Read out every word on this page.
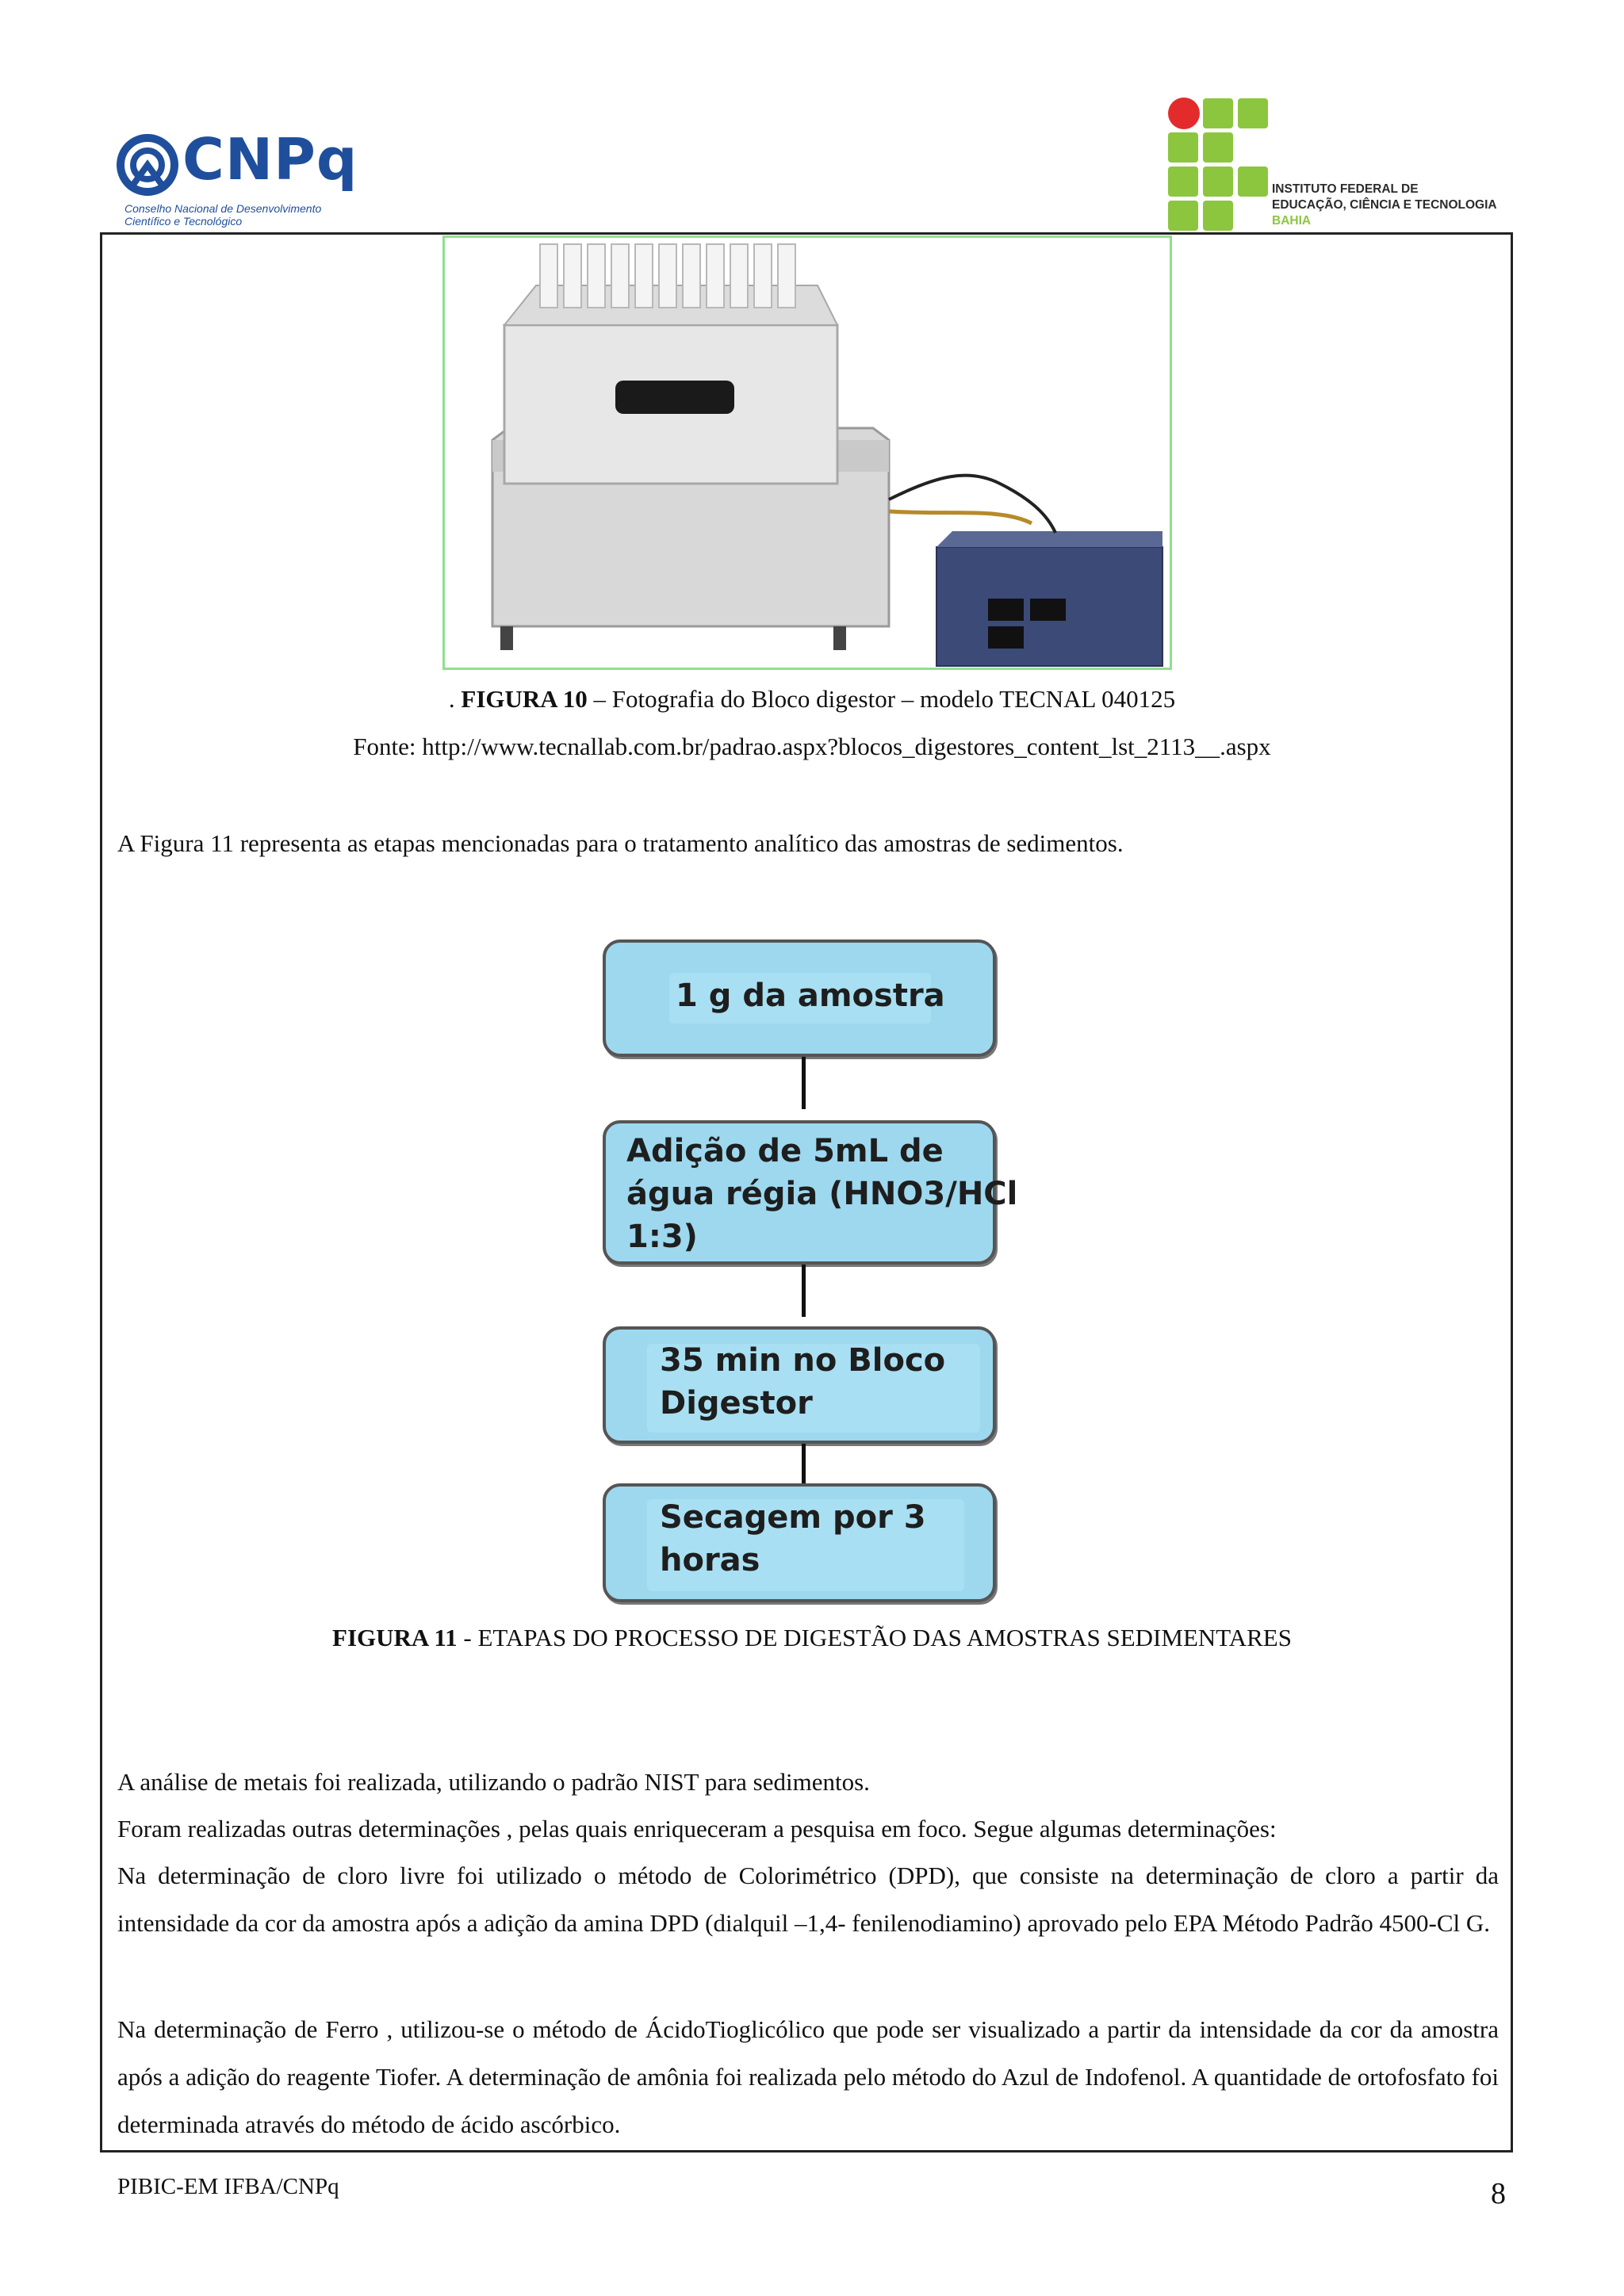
CNPq
Conselho Nacional de Desenvolvimento
Científico e Tecnológico
INSTITUTO FEDERAL DE
EDUCAÇÃO, CIÊNCIA E TECNOLOGIA
BAHIA
. FIGURA 10 – Fotografia do Bloco digestor – modelo TECNAL 040125
Fonte: http://www.tecnallab.com.br/padrao.aspx?blocos_digestores_content_lst_2113__.aspx
A Figura 11 representa as etapas mencionadas para o tratamento analítico das amostras de sedimentos.
1 g da amostra
Adição de 5mL de
água régia (HNO3/HCl
1:3)
35 min no Bloco
Digestor
Secagem por 3
horas
FIGURA 11 - ETAPAS DO PROCESSO DE DIGESTÃO DAS AMOSTRAS SEDIMENTARES
A análise de metais foi realizada, utilizando o padrão NIST para sedimentos.
Foram realizadas outras determinações , pelas quais enriqueceram a pesquisa em foco. Segue algumas determinações:
Na determinação de cloro livre foi utilizado o método de Colorimétrico (DPD), que consiste na determinação de cloro a partir da intensidade da cor da amostra após a adição da amina DPD (dialquil –1,4- fenilenodiamino) aprovado pelo EPA Método Padrão 4500-Cl G.
Na determinação de Ferro , utilizou-se o método de ÁcidoTioglicólico que pode ser visualizado a partir da intensidade da cor da amostra após a adição do reagente Tiofer. A determinação de amônia foi realizada pelo método do Azul de Indofenol. A quantidade de ortofosfato foi determinada através do método de ácido ascórbico.
PIBIC-EM IFBA/CNPq	8
